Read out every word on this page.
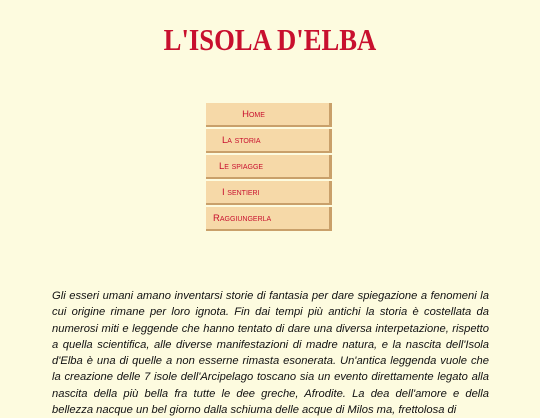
L'ISOLA D'ELBA
Home
La storia
Le spiagge
I sentieri
Raggiungerla
Gli esseri umani amano inventarsi storie di fantasia per dare spiegazione a fenomeni la cui origine rimane per loro ignota. Fin dai tempi più antichi la storia è costellata da numerosi miti e leggende che hanno tentato di dare una diversa interpetazione, rispetto a quella scientifica, alle diverse manifestazioni di madre natura, e la nascita dell'Isola d'Elba è una di quelle a non esserne rimasta esonerata. Un'antica leggenda vuole che la creazione delle 7 isole dell'Arcipelago toscano sia un evento direttamente legato alla nascita della più bella fra tutte le dee greche, Afrodite. La dea dell'amore e della bellezza nacque un bel giorno dalla schiuma delle acque di Milos ma, frettolosa di
